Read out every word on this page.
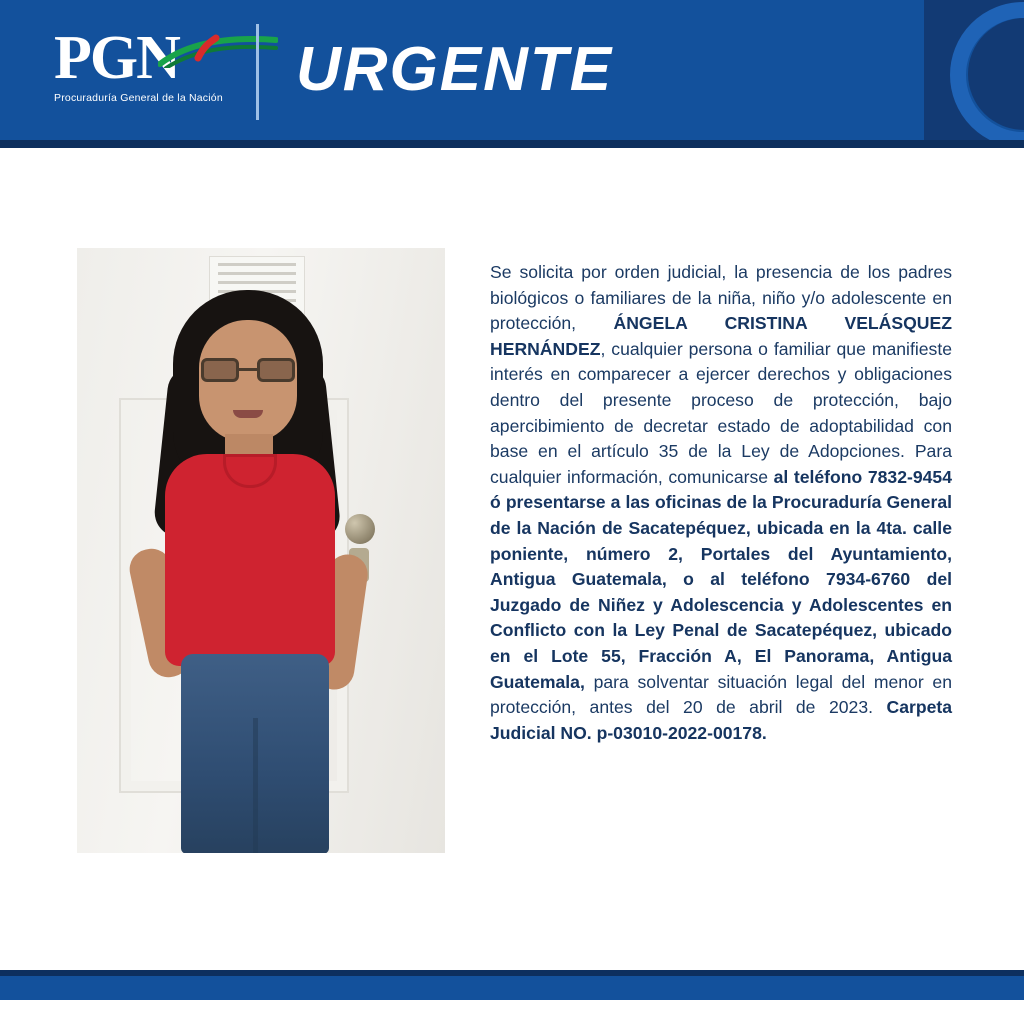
PGN
Procuraduría General de la Nación	URGENTE
Se solicita por orden judicial, la presencia de los padres biológicos o familiares de la niña, niño y/o adolescente en protección, ÁNGELA CRISTINA VELÁSQUEZ HERNÁNDEZ, cualquier persona o familiar que manifieste interés en comparecer a ejercer derechos y obligaciones dentro del presente proceso de protección, bajo apercibimiento de decretar estado de adoptabilidad con base en el artículo 35 de la Ley de Adopciones. Para cualquier información, comunicarse al teléfono 7832-9454 ó presentarse a las oficinas de la Procuraduría General de la Nación de Sacatepéquez, ubicada en la 4ta. calle poniente, número 2, Portales del Ayuntamiento, Antigua Guatemala, o al teléfono 7934-6760 del Juzgado de Niñez y Adolescencia y Adolescentes en Conflicto con la Ley Penal de Sacatepéquez, ubicado en el Lote 55, Fracción A, El Panorama, Antigua Guatemala, para solventar situación legal del menor en protección, antes del 20 de abril de 2023. Carpeta Judicial NO. p-03010-2022-00178.
